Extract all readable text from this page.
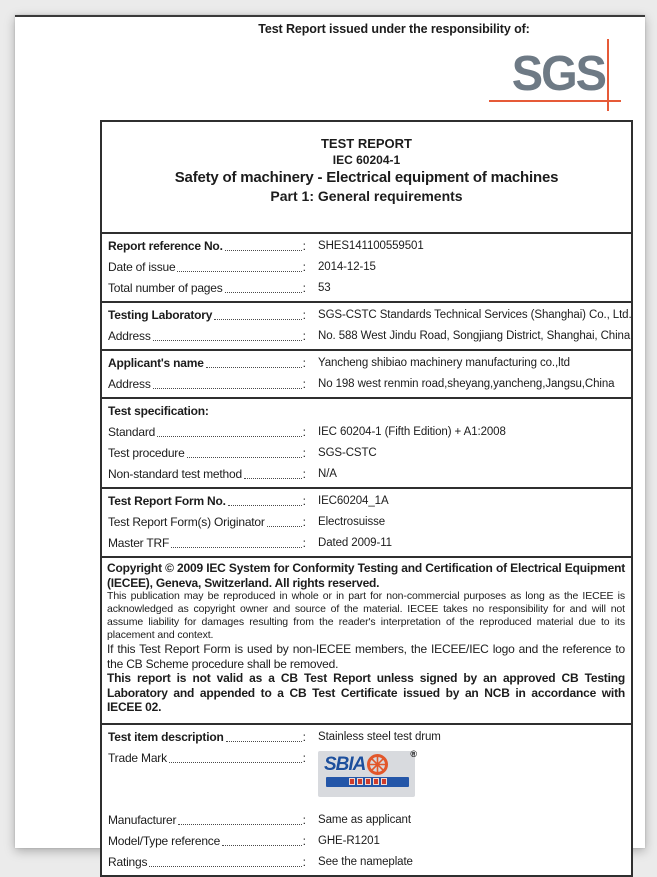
Test Report issued under the responsibility of:
SGS
TEST REPORT
IEC 60204-1
Safety of machinery - Electrical equipment of machines
Part 1: General requirements
Report reference No.	: SHES141100559501
Date of issue	: 2014-12-15
Total number of pages	: 53
Testing Laboratory	: SGS-CSTC Standards Technical Services (Shanghai) Co., Ltd.
Address	: No. 588 West Jindu Road, Songjiang District, Shanghai, China
Applicant's name	: Yancheng shibiao machinery manufacturing co.,ltd
Address	: No 198 west renmin road,sheyang,yancheng,Jangsu,China
Test specification:
Standard	: IEC 60204-1 (Fifth Edition) + A1:2008
Test procedure	: SGS-CSTC
Non-standard test method	: N/A
Test Report Form No.	: IEC60204_1A
Test Report Form(s) Originator	: Electrosuisse
Master TRF	: Dated 2009-11

Copyright © 2009 IEC System for Conformity Testing and Certification of Electrical Equipment (IECEE), Geneva, Switzerland. All rights reserved.

This publication may be reproduced in whole or in part for non-commercial purposes as long as the IECEE is acknowledged as copyright owner and source of the material. IECEE takes no responsibility for and will not assume liability for damages resulting from the reader's interpretation of the reproduced material due to its placement and context.

If this Test Report Form is used by non-IECEE members, the IECEE/IEC logo and the reference to the CB Scheme procedure shall be removed.

This report is not valid as a CB Test Report unless signed by an approved CB Testing Laboratory and appended to a CB Test Certificate issued by an NCB in accordance with IECEE 02.

Test item description	: Stainless steel test drum
Trade Mark	: SBIA
®
Manufacturer	: Same as applicant
Model/Type reference	: GHE-R1201
Ratings	: See the nameplate
